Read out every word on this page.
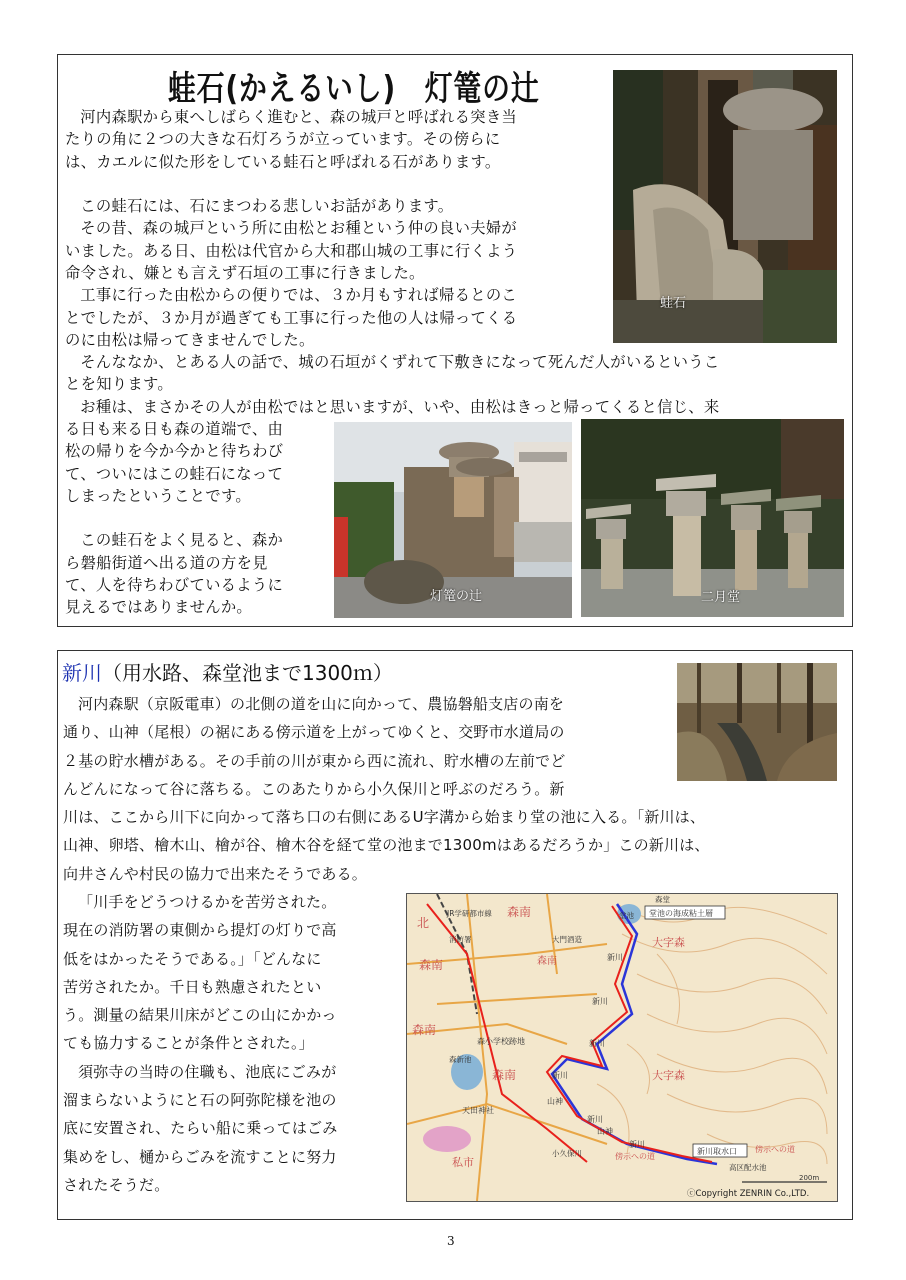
蛙石(かえるいし)　灯篭の辻

河内森駅から東へしばらく進むと、森の城戸と呼ばれる突き当

たりの角に２つの大きな石灯ろうが立っています。その傍らに

は、カエルに似た形をしている蛙石と呼ばれる石があります。

この蛙石には、石にまつわる悲しいお話があります。

その昔、森の城戸という所に由松とお種という仲の良い夫婦が

いました。ある日、由松は代官から大和郡山城の工事に行くよう

命令され、嫌とも言えず石垣の工事に行きました。

工事に行った由松からの便りでは、３か月もすれば帰るとのこ

とでしたが、３か月が過ぎても工事に行った他の人は帰ってくる

のに由松は帰ってきませんでした。

蛙石

そんななか、とある人の話で、城の石垣がくずれて下敷きになって死んだ人がいるというこ

とを知ります。

お種は、まさかその人が由松ではと思いますが、いや、由松はきっと帰ってくると信じ、来

る日も来る日も森の道端で、由

松の帰りを今か今かと待ちわび

て、ついにはこの蛙石になって

しまったということです。

この蛙石をよく見ると、森か

ら磐船街道へ出る道の方を見

て、人を待ちわびているように

見えるではありませんか。

灯篭の辻	二月堂
新川（用水路、森堂池まで1300ｍ）

河内森駅（京阪電車）の北側の道を山に向かって、農協磐船支店の南を

通り、山神（尾根）の裾にある傍示道を上がってゆくと、交野市水道局の

２基の貯水槽がある。その手前の川が東から西に流れ、貯水槽の左前でど

んどんになって谷に落ちる。このあたりから小久保川と呼ぶのだろう。新

川は、ここから川下に向かって落ち口の右側にあるU字溝から始まり堂の池に入る。「新川は、

山神、卵塔、檜木山、檜が谷、檜木谷を経て堂の池まで1300mはあるだろうか」この新川は、

向井さんや村民の協力で出来たそうである。

「川手をどうつけるかを苦労された。

現在の消防署の東側から提灯の灯りで高

低をはかったそうである。」「どんなに

苦労されたか。千日も熟慮されたとい

う。測量の結果川床がどこの山にかかっ

ても協力することが条件とされた。」

須弥寺の当時の住職も、池底にごみが

溜まらないようにと石の阿弥陀様を池の

底に安置され、たらい船に乗ってはごみ

集めをし、樋からごみを流すことに努力

されたそうだ。

北
JR学研都市線
消防署
森南
森南
森南
森南
森南
大門酒造
森小学校跡地
森新池
新川
新川
新川
新川
新川
新川
大字森
大字森
堂池
森堂
堂池の海成粘土層
山神
山神
傍示への道
傍示への道
小久保川	新川取水口
高区配水池
天田神社
私市
200m
ⓒCopyright ZENRIN Co.,LTD.
3
